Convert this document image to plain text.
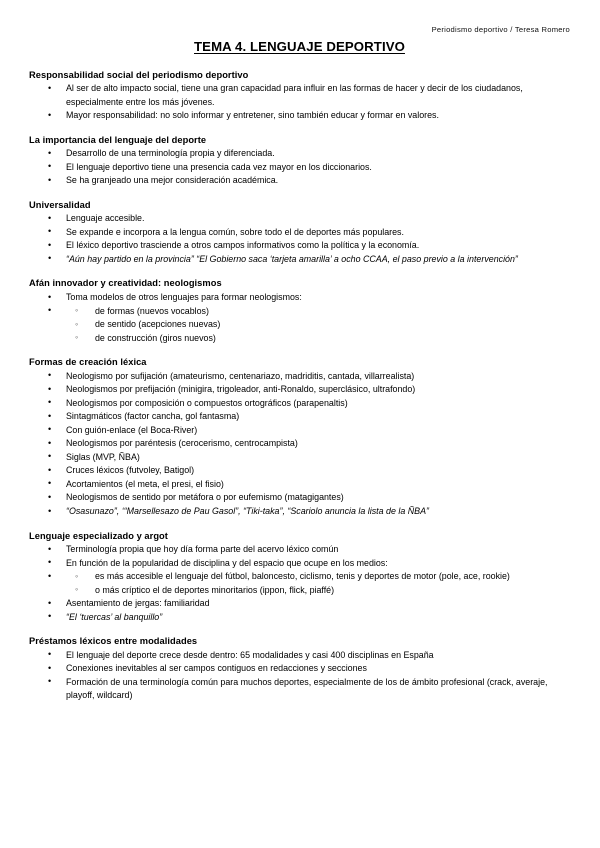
Periodismo deportivo / Teresa Romero
TEMA 4. LENGUAJE DEPORTIVO
Responsabilidad social del periodismo deportivo
• Al ser de alto impacto social, tiene una gran capacidad para influir en las formas de hacer y decir de los ciudadanos, especialmente entre los más jóvenes.
• Mayor responsabilidad: no solo informar y entretener, sino también educar y formar en valores.
La importancia del lenguaje del deporte
• Desarrollo de una terminología propia y diferenciada.
• El lenguaje deportivo tiene una presencia cada vez mayor en los diccionarios.
• Se ha granjeado una mejor consideración académica.
Universalidad
• Lenguaje accesible.
• Se expande e incorpora a la lengua común, sobre todo el de deportes más populares.
• El léxico deportivo trasciende a otros campos informativos como la política y la economía.
• “Aún hay partido en la provincia” “El Gobierno saca ‘tarjeta amarilla’ a ocho CCAA, el paso previo a la intervención”
Afán innovador y creatividad: neologismos
• Toma modelos de otros lenguajes para formar neologismos:
◦ • de formas (nuevos vocablos)
◦ de sentido (acepciones nuevas)
◦ de construcción (giros nuevos)
Formas de creación léxica
• Neologismo por sufijación (amateurismo, centenariazo, madriditis, cantada, villarrealista)
• Neologismos por prefijación (minigira, trigoleador, anti-Ronaldo, superclásico, ultrafondo)
• Neologismos por composición o compuestos ortográficos (parapenaltis)
• Sintagmáticos (factor cancha, gol fantasma)
• Con guión-enlace (el Boca-River)
• Neologismos por paréntesis (cerocerismo, centrocampista)
• Siglas (MVP, ÑBA)
• Cruces léxicos (futvoley, Batigol)
• Acortamientos (el meta, el presi, el fisio)
• Neologismos de sentido por metáfora o por eufemismo (matagigantes)
• “Osasunazo”, ‘“Marsellesazo de Pau Gasol”, “Tiki-taka”, “Scariolo anuncia la lista de la ÑBA”
Lenguaje especializado y argot
• Terminología propia que hoy día forma parte del acervo léxico común
• En función de la popularidad de disciplina y del espacio que ocupe en los medios:
◦ • es más accesible el lenguaje del fútbol, baloncesto, ciclismo, tenis y deportes de motor (pole, ace, rookie)
◦ o más críptico el de deportes minoritarios (ippon, flick, piaffé)
• Asentamiento de jergas: familiaridad
• “El ‘tuercas’ al banquillo”
Préstamos léxicos entre modalidades
• El lenguaje del deporte crece desde dentro: 65 modalidades y casi 400 disciplinas en España
• Conexiones inevitables al ser campos contiguos en redacciones y secciones
• Formación de una terminología común para muchos deportes, especialmente de los de ámbito profesional (crack, averaje, playoff, wildcard)
